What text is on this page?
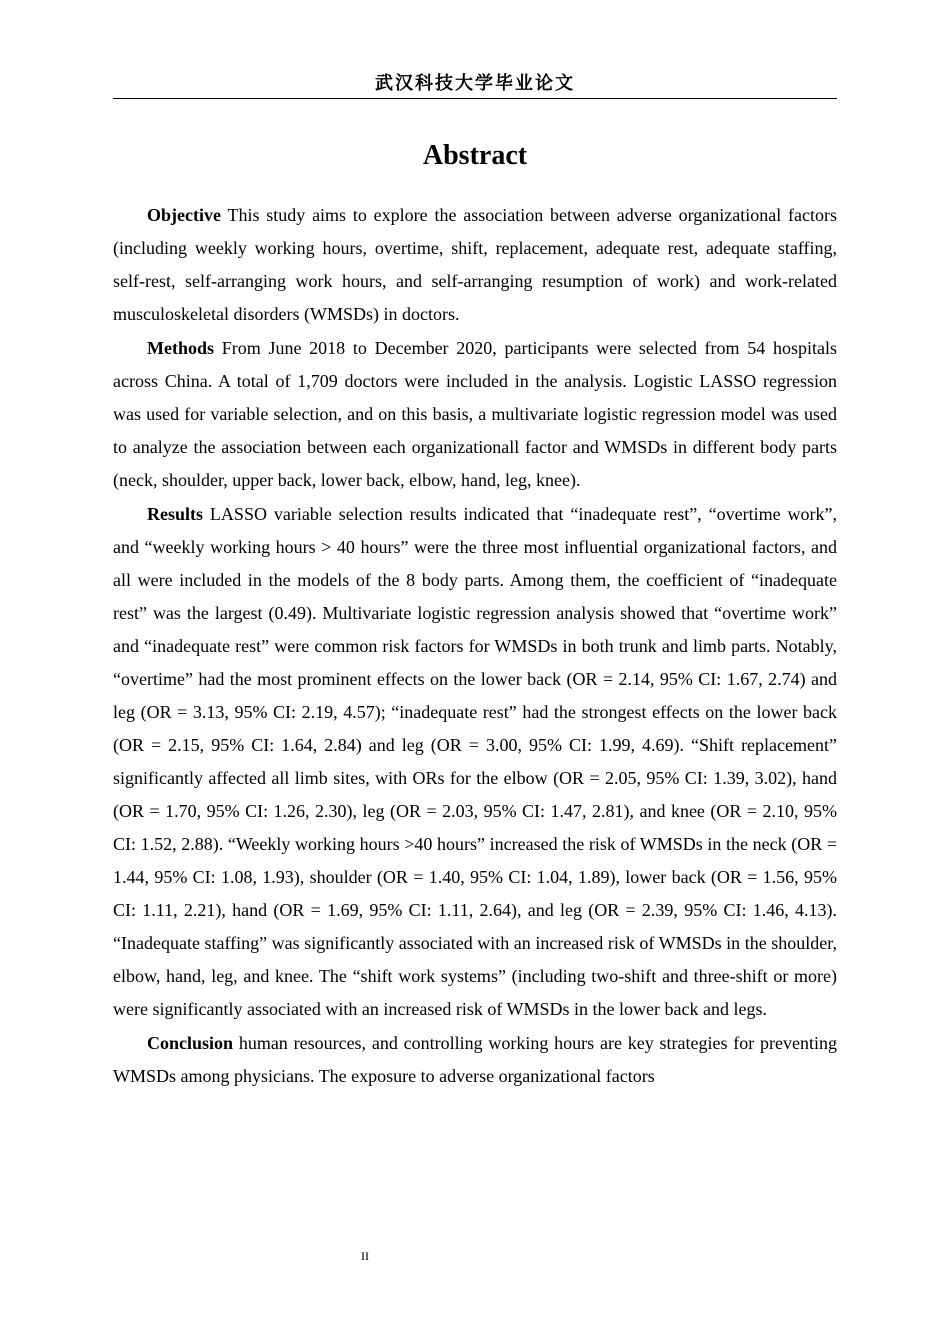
武汉科技大学毕业论文
Abstract

Objective This study aims to explore the association between adverse organizational factors (including weekly working hours, overtime, shift, replacement, adequate rest, adequate staffing, self-rest, self-arranging work hours, and self-arranging resumption of work) and work-related musculoskeletal disorders (WMSDs) in doctors.

Methods From June 2018 to December 2020, participants were selected from 54 hospitals across China. A total of 1,709 doctors were included in the analysis. Logistic LASSO regression was used for variable selection, and on this basis, a multivariate logistic regression model was used to analyze the association between each organizationall factor and WMSDs in different body parts (neck, shoulder, upper back, lower back, elbow, hand, leg, knee).

Results LASSO variable selection results indicated that “inadequate rest”, “overtime work”, and “weekly working hours > 40 hours” were the three most influential organizational factors, and all were included in the models of the 8 body parts. Among them, the coefficient of “inadequate rest” was the largest (0.49). Multivariate logistic regression analysis showed that “overtime work” and “inadequate rest” were common risk factors for WMSDs in both trunk and limb parts. Notably, “overtime” had the most prominent effects on the lower back (OR = 2.14, 95% CI: 1.67, 2.74) and leg (OR = 3.13, 95% CI: 2.19, 4.57); “inadequate rest” had the strongest effects on the lower back (OR = 2.15, 95% CI: 1.64, 2.84) and leg (OR = 3.00, 95% CI: 1.99, 4.69). “Shift replacement” significantly affected all limb sites, with ORs for the elbow (OR = 2.05, 95% CI: 1.39, 3.02), hand (OR = 1.70, 95% CI: 1.26, 2.30), leg (OR = 2.03, 95% CI: 1.47, 2.81), and knee (OR = 2.10, 95% CI: 1.52, 2.88). “Weekly working hours >40 hours” increased the risk of WMSDs in the neck (OR = 1.44, 95% CI: 1.08, 1.93), shoulder (OR = 1.40, 95% CI: 1.04, 1.89), lower back (OR = 1.56, 95% CI: 1.11, 2.21), hand (OR = 1.69, 95% CI: 1.11, 2.64), and leg (OR = 2.39, 95% CI: 1.46, 4.13). “Inadequate staffing” was significantly associated with an increased risk of WMSDs in the shoulder, elbow, hand, leg, and knee. The “shift work systems” (including two-shift and three-shift or more) were significantly associated with an increased risk of WMSDs in the lower back and legs.

Conclusion human resources, and controlling working hours are key strategies for preventing WMSDs among physicians. The exposure to adverse organizational factors

II
